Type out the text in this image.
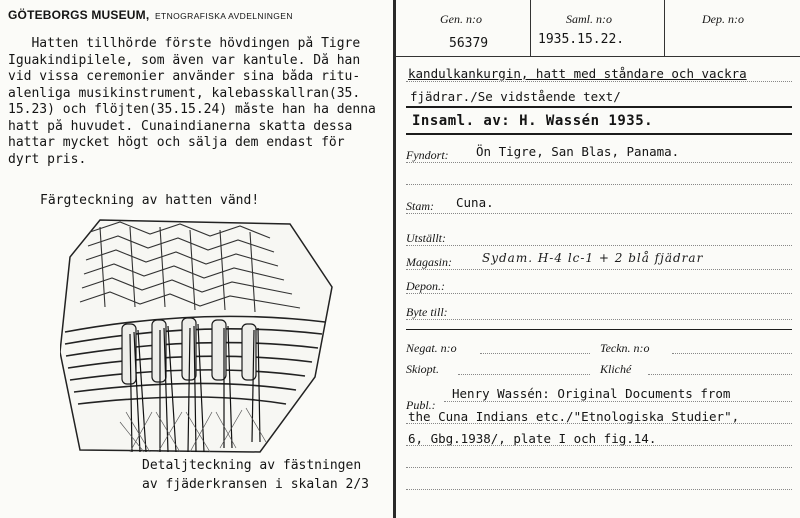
GÖTEBORGS MUSEUM, ETNOGRAFISKA AVDELNINGEN
Hatten tillhörde förste hövdingen på Tigre
Iguakindipilele, som även var kantule. Då han
vid vissa ceremonier använder sina båda ritu-
alenliga musikinstrument, kalebasskallran(35.
15.23) och flöjten(35.15.24) måste han ha denna
hatt på huvudet. Cunaindianerna skatta dessa
hattar mycket högt och sälja dem endast för
dyrt pris.
Färgteckning av hatten vänd!
Detaljteckning av fästningen
av fjäderkransen i skalan 2/3
Gen. n:o
56379
Saml. n:o
1935.15.22.
Dep. n:o
kandulkankurgin, hatt med ståndare och vackra
fjädrar./Se vidstående text/
Insaml. av: H. Wassén 1935.
Fyndort: Ön Tigre, San Blas, Panama.
Stam: Cuna.
Utställt:
Magasin:	Sydam. H-4 lc-1 + 2 blå fjädrar
Depon.:
Byte till:
Negat. n:o	Teckn. n:o
Skiopt.	Kliché
Publ.:
Henry Wassén: Original Documents from
the Cuna Indians etc./"Etnologiska Studier",
6, Gbg.1938/, plate I och fig.14.
